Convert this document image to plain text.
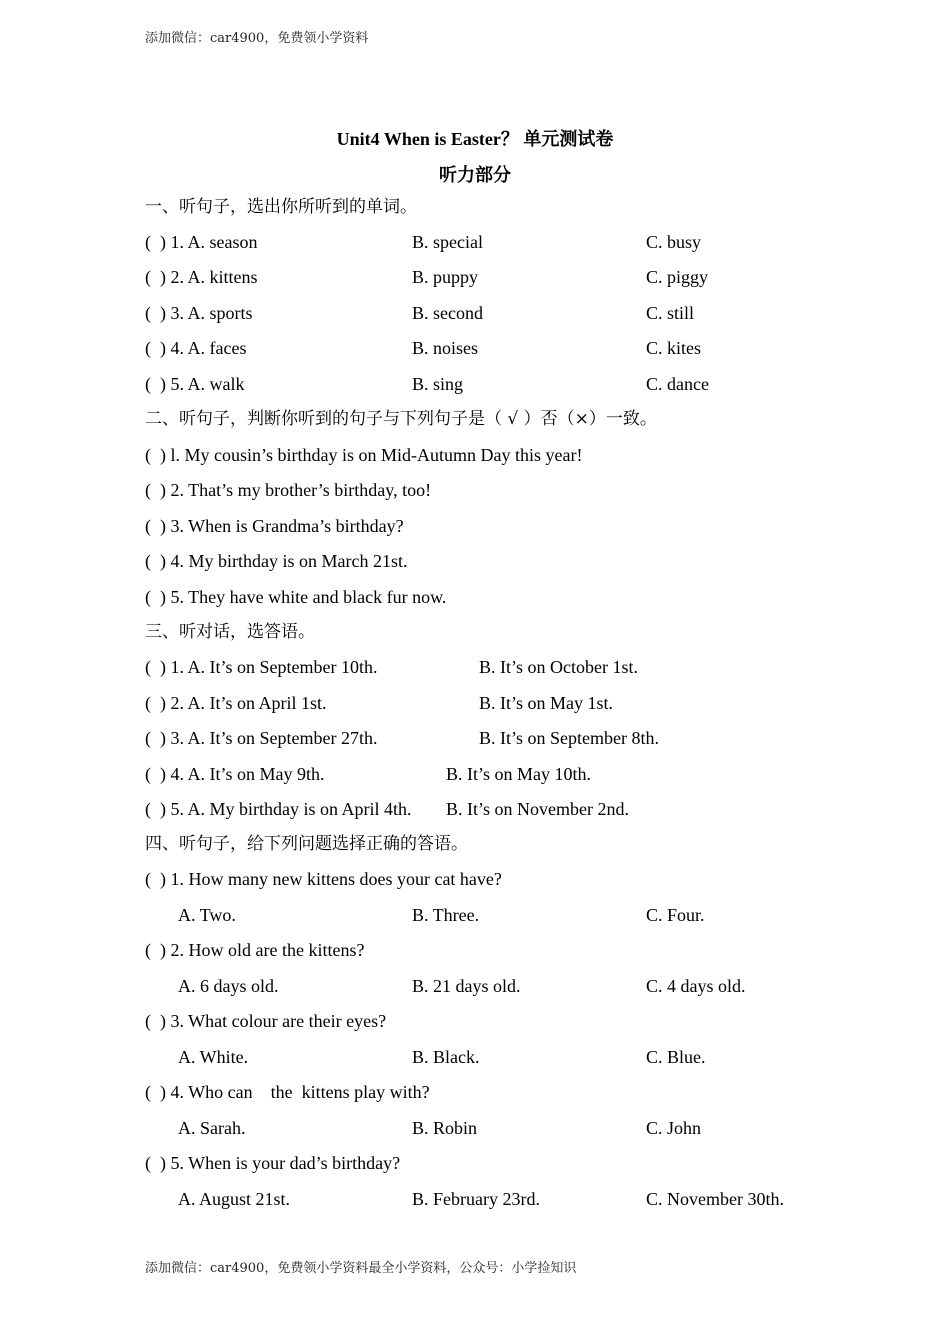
添加微信：car4900，免费领小学资料
Unit4 When is Easter？ 单元测试卷
听力部分
一、听句子，选出你所听到的单词。
(  ) 1. A. season	B. special	C. busy
(  ) 2. A. kittens	B. puppy	C. piggy
(  ) 3. A. sports	B. second	C. still
(  ) 4. A. faces	B. noises	C. kites
(  ) 5. A. walk	B. sing	C. dance
二、听句子，判断你听到的句子与下列句子是（ √ ）否（×）一致。
(  ) l. My cousin’s birthday is on Mid-Autumn Day this year!
(  ) 2. That’s my brother’s birthday, too!
(  ) 3. When is Grandma’s birthday?
(  ) 4. My birthday is on March 21st.
(  ) 5. They have white and black fur now.
三、听对话，选答语。
(  ) 1. A. It’s on September 10th.	B. It’s on October 1st.
(  ) 2. A. It’s on April 1st.	B. It’s on May 1st.
(  ) 3. A. It’s on September 27th.	B. It’s on September 8th.
(  ) 4. A. It’s on May 9th.	B. It’s on May 10th.
(  ) 5. A. My birthday is on April 4th. B. It’s on November 2nd.
四、听句子，给下列问题选择正确的答语。
(  ) 1. How many new kittens does your cat have?
A. Two.	B. Three.	C. Four.
(  ) 2. How old are the kittens?
A. 6 days old.	B. 21 days old.	C. 4 days old.
(  ) 3. What colour are their eyes?
A. White.	B. Black.	C. Blue.
(  ) 4. Who can    the  kittens play with?
A. Sarah.	B. Robin	C. John
(  ) 5. When is your dad’s birthday?
A. August 21st.	B. February 23rd.	C. November 30th.
添加微信：car4900，免费领小学资料最全小学资料，公众号：小学捡知识
